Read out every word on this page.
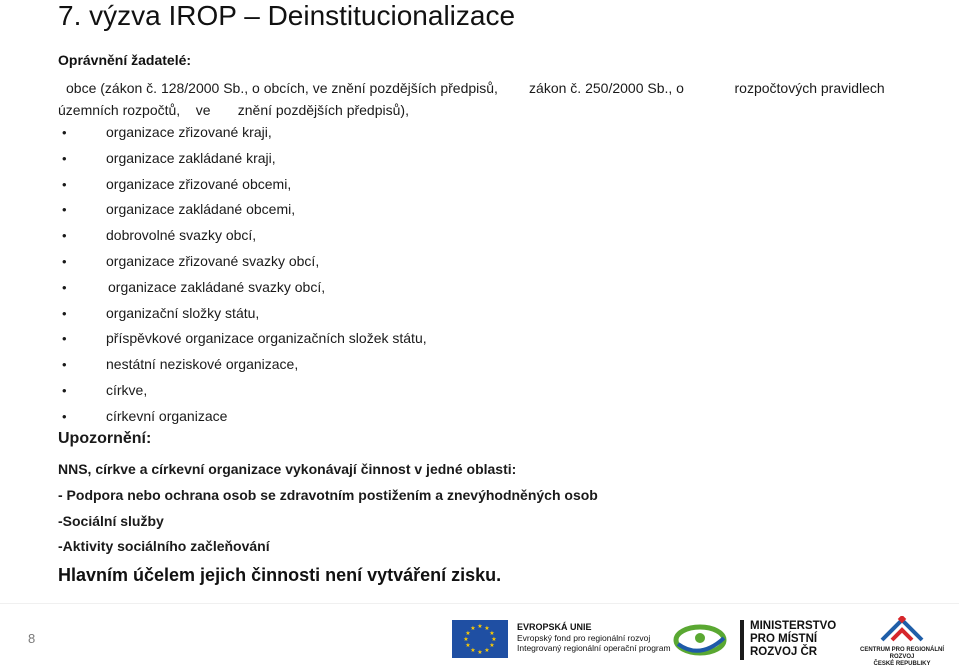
7. výzva IROP – Deinstitucionalizace
Oprávnění žadatelé:
obce (zákon č. 128/2000 Sb., o obcích, ve znění pozdějších předpisů,        zákon č. 250/2000 Sb., o             rozpočtových pravidlech
územních rozpočtů,    ve       znění pozdějších předpisů),
•	organizace zřizované kraji,
•	organizace zakládané kraji,
•	organizace zřizované obcemi,
•	organizace zakládané obcemi,
•	dobrovolné svazky obcí,
•	organizace zřizované svazky obcí,
•	organizace zakládané svazky obcí,
•	organizační složky státu,
•	příspěvkové organizace organizačních složek státu,
•	nestátní neziskové organizace,
•	církve,
•	církevní organizace
Upozornění:
NNS, církve a církevní organizace vykonávají činnost v jedné oblasti:
- Podpora nebo ochrana osob se zdravotním postižením a znevýhodněných osob
-Sociální služby
-Aktivity sociálního začleňování
Hlavním účelem jejich činnosti není vytváření zisku.
8
★ ★
★
★
★
★
★
★
★
★
★
★	EVROPSKÁ UNIE
Evropský fond pro regionální rozvoj
Integrovaný regionální operační program
MINISTERSTVO
PRO MÍSTNÍ
ROZVOJ ČR	CENTRUM PRO REGIONÁLNÍ ROZVOJ
ČESKÉ REPUBLIKY
